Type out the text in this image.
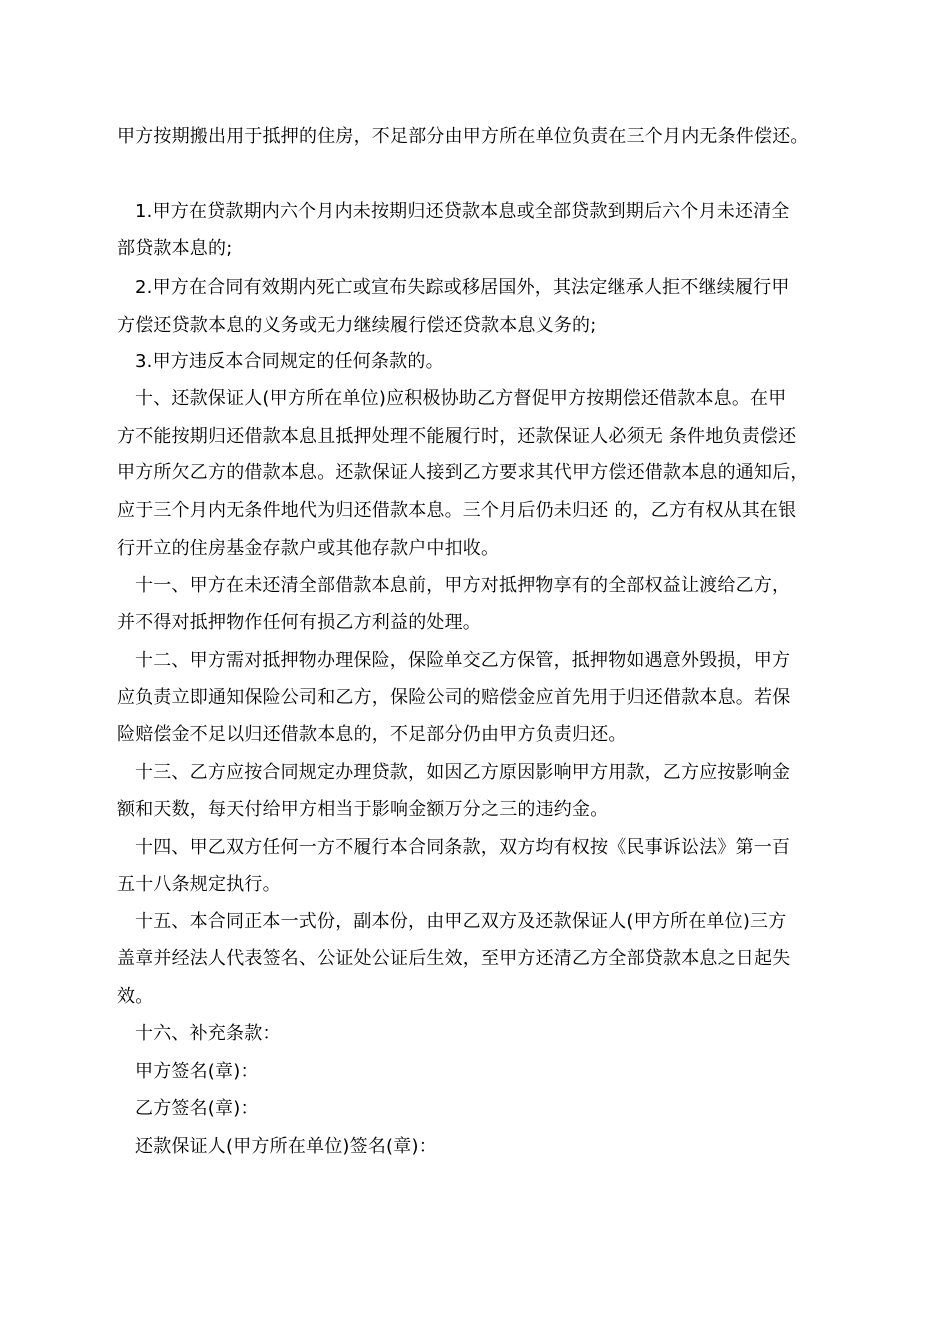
甲方按期搬出用于抵押的住房，不足部分由甲方所在单位负责在三个月内无条件偿还。
1.甲方在贷款期内六个月内未按期归还贷款本息或全部贷款到期后六个月未还清全
部贷款本息的;
2.甲方在合同有效期内死亡或宣布失踪或移居国外，其法定继承人拒不继续履行甲
方偿还贷款本息的义务或无力继续履行偿还贷款本息义务的;
3.甲方违反本合同规定的任何条款的。
十、还款保证人(甲方所在单位)应积极协助乙方督促甲方按期偿还借款本息。在甲
方不能按期归还借款本息且抵押处理不能履行时，还款保证人必须无 条件地负责偿还
甲方所欠乙方的借款本息。还款保证人接到乙方要求其代甲方偿还借款本息的通知后，
应于三个月内无条件地代为归还借款本息。三个月后仍未归还 的，乙方有权从其在银
行开立的住房基金存款户或其他存款户中扣收。
十一、甲方在未还清全部借款本息前，甲方对抵押物享有的全部权益让渡给乙方，
并不得对抵押物作任何有损乙方利益的处理。
十二、甲方需对抵押物办理保险，保险单交乙方保管，抵押物如遇意外毁损，甲方
应负责立即通知保险公司和乙方，保险公司的赔偿金应首先用于归还借款本息。若保
险赔偿金不足以归还借款本息的，不足部分仍由甲方负责归还。
十三、乙方应按合同规定办理贷款，如因乙方原因影响甲方用款，乙方应按影响金
额和天数，每天付给甲方相当于影响金额万分之三的违约金。
十四、甲乙双方任何一方不履行本合同条款，双方均有权按《民事诉讼法》第一百
五十八条规定执行。
十五、本合同正本一式份，副本份，由甲乙双方及还款保证人(甲方所在单位)三方
盖章并经法人代表签名、公证处公证后生效，至甲方还清乙方全部贷款本息之日起失
效。
十六、补充条款：
甲方签名(章)：
乙方签名(章)：
还款保证人(甲方所在单位)签名(章)：
